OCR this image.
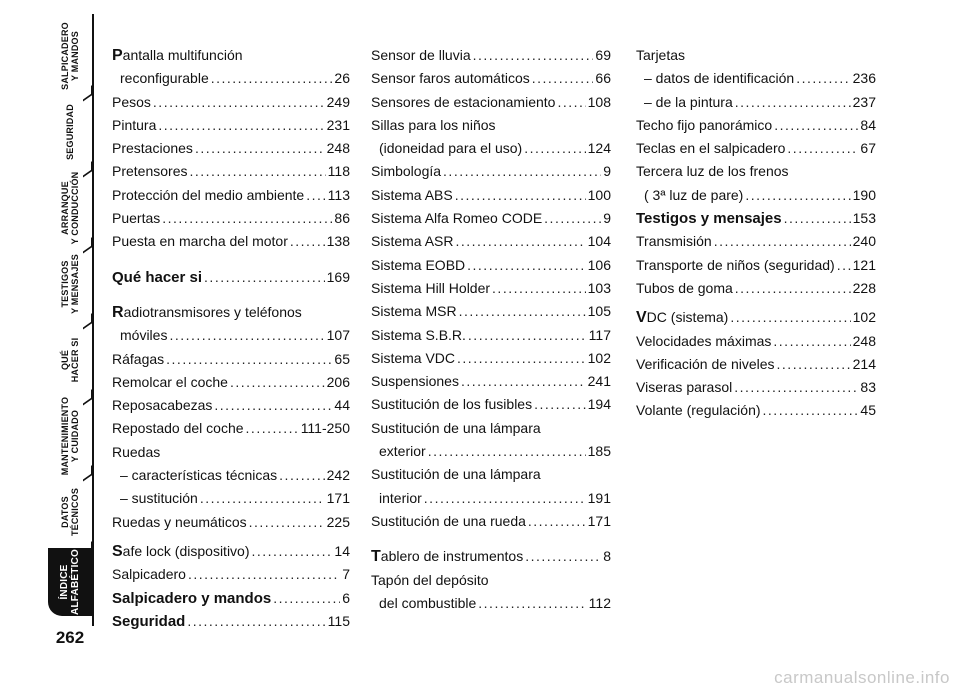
SALPICADERO
Y MANDOS
SEGURIDAD
ARRANQUE
Y CONDUCCIÓN
TESTIGOS
Y MENSAJES
QUÉ
HACER SI
MANTENIMIENTO
Y CUIDADO
DATOS
TÉCNICOS
ÍNDICE
ALFABÉTICO
262
Pantalla multifunción
reconfigurable .....	26
Pesos .....	249
Pintura .....	231
Prestaciones .....	248
Pretensores .....	118
Protección del medio ambiente ..... 113
Puertas .....	86
Puesta en marcha del motor .....	138
Qué hacer si .....	169
Radiotransmisores y teléfonos
móviles .....	107
Ráfagas .....	65
Remolcar el coche .....	206
Reposacabezas .....	44
Repostado del coche .....	111-250
Ruedas
– características técnicas .....	242
– sustitución .....	171
Ruedas y neumáticos .....	225
Safe lock (dispositivo) .....	14
Salpicadero .....	7
Salpicadero y mandos .....	6
Seguridad .....	115
Sensor de lluvia .....	69
Sensor faros automáticos .....	66
Sensores de estacionamiento ..... 108
Sillas para los niños
(idoneidad para el uso) .....	124
Simbología .....	9
Sistema ABS .....	100
Sistema Alfa Romeo CODE .....	9
Sistema ASR .....	104
Sistema EOBD .....	106
Sistema Hill Holder .....	103
Sistema MSR .....	105
Sistema S.B.R. .....	117
Sistema VDC .....	102
Suspensiones .....	241
Sustitución de los fusibles .....	194
Sustitución de una lámpara
exterior .....	185
Sustitución de una lámpara
interior .....	191
Sustitución de una rueda .....	171
Tablero de instrumentos .....	8
Tapón del depósito
del combustible .....	112
Tarjetas
– datos de identificación .....	236
– de la pintura .....	237
Techo fijo panorámico .....	84
Teclas en el salpicadero .....	67
Tercera luz de los frenos
( 3ª luz de pare) .....	190
Testigos y mensajes .....	153
Transmisión .....	240
Transporte de niños (seguridad) ..... 121
Tubos de goma .....	228
VDC (sistema) .....	102
Velocidades máximas .....	248
Verificación de niveles .....	214
Viseras parasol .....	83
Volante (regulación) .....	45
carmanualsonline.info
